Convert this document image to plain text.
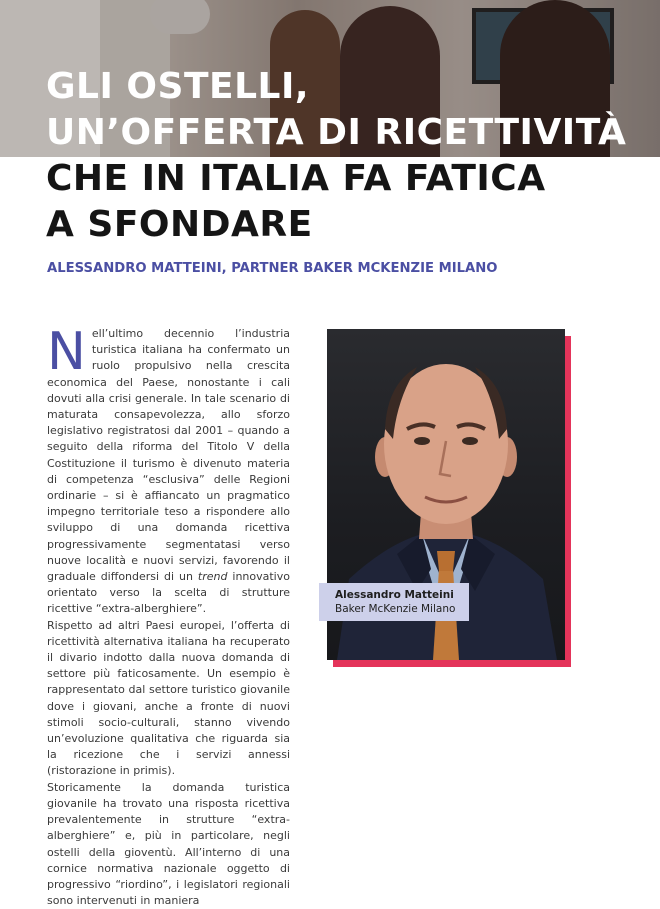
GLI OSTELLI,
UN’OFFERTA DI RICETTIVITÀ
CHE IN ITALIA FA FATICA
A SFONDARE
ALESSANDRO MATTEINI, PARTNER BAKER MCKENZIE MILANO

Nell’ultimo decennio l’industria turistica italiana ha confermato un ruolo propulsivo nella crescita economica del Paese, nonostante i cali dovuti alla crisi generale. In tale scenario di maturata consapevolezza, allo sforzo legislativo registratosi dal 2001 – quando a seguito della riforma del Titolo V della Costituzione il turismo è divenuto materia di competenza “esclusiva” delle Regioni ordinarie – si è affiancato un pragmatico impegno territoriale teso a rispondere allo sviluppo di una domanda ricettiva progressivamente segmentatasi verso nuove località e nuovi servizi, favorendo il graduale diffondersi di un trend innovativo orientato verso la scelta di strutture ricettive “extra-alberghiere”.

Rispetto ad altri Paesi europei, l’offerta di ricettività alternativa italiana ha recuperato il divario indotto dalla nuova domanda di settore più faticosamente. Un esempio è rappresentato dal settore turistico giovanile dove i giovani, anche a fronte di nuovi stimoli socio-culturali, stanno vivendo un’evoluzione qualitativa che riguarda sia la ricezione che i servizi annessi (ristorazione in primis).

Storicamente la domanda turistica giovanile ha trovato una risposta ricettiva prevalentemente in strutture “extra-alberghiere” e, più in particolare, negli ostelli della gioventù. All’interno di una cornice normativa nazionale oggetto di progressivo “riordino”, i legislatori regionali sono intervenuti in maniera

Alessandro Matteini
Baker McKenzie Milano
